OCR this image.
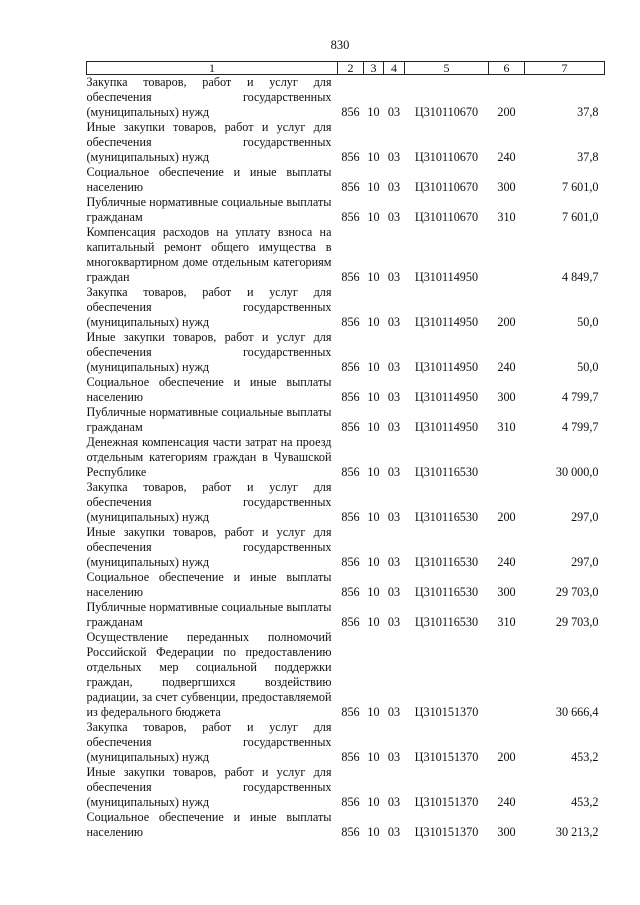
830
1	2	3	4	5	6	7
Закупка товаров, работ и услуг для обеспечения государственных (муниципальных) нужд	856	10	03	Ц310110670	200	37,8
Иные закупки товаров, работ и услуг для обеспечения государственных (муниципальных) нужд	856	10	03	Ц310110670	240	37,8
Социальное обеспечение и иные выплаты населению	856	10	03	Ц310110670	300	7 601,0
Публичные нормативные социальные выплаты гражданам	856	10	03	Ц310110670	310	7 601,0
Компенсация расходов на уплату взноса на капитальный ремонт общего имущества в многоквартирном доме отдельным категориям граждан	856	10	03	Ц310114950		4 849,7
Закупка товаров, работ и услуг для обеспечения государственных (муниципальных) нужд	856	10	03	Ц310114950	200	50,0
Иные закупки товаров, работ и услуг для обеспечения государственных (муниципальных) нужд	856	10	03	Ц310114950	240	50,0
Социальное обеспечение и иные выплаты населению	856	10	03	Ц310114950	300	4 799,7
Публичные нормативные социальные выплаты гражданам	856	10	03	Ц310114950	310	4 799,7
Денежная компенсация части затрат на проезд отдельным категориям граждан в Чувашской Республике	856	10	03	Ц310116530		30 000,0
Закупка товаров, работ и услуг для обеспечения государственных (муниципальных) нужд	856	10	03	Ц310116530	200	297,0
Иные закупки товаров, работ и услуг для обеспечения государственных (муниципальных) нужд	856	10	03	Ц310116530	240	297,0
Социальное обеспечение и иные выплаты населению	856	10	03	Ц310116530	300	29 703,0
Публичные нормативные социальные выплаты гражданам	856	10	03	Ц310116530	310	29 703,0
Осуществление переданных полномочий Российской Федерации по предоставлению отдельных мер социальной поддержки граждан, подвергшихся воздействию радиации, за счет субвенции, предоставляемой из федерального бюджета	856	10	03	Ц310151370		30 666,4
Закупка товаров, работ и услуг для обеспечения государственных (муниципальных) нужд	856	10	03	Ц310151370	200	453,2
Иные закупки товаров, работ и услуг для обеспечения государственных (муниципальных) нужд	856	10	03	Ц310151370	240	453,2
Социальное обеспечение и иные выплаты населению	856	10	03	Ц310151370	300	30 213,2
